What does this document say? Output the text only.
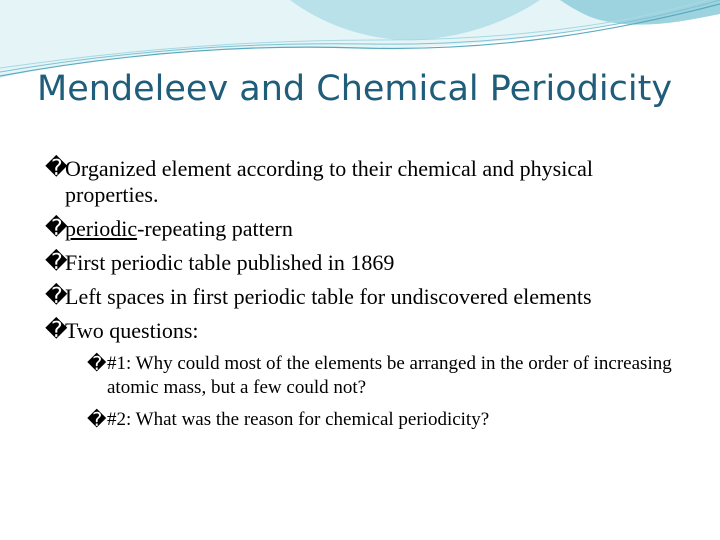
Mendeleev and Chemical Periodicity
�
Organized element according to their chemical and physical properties.
�
periodic-repeating pattern
�
First periodic table published in 1869
�
Left spaces in first periodic table for undiscovered elements
�
Two questions:
� #1: Why could most of the elements be arranged in the order of increasing atomic mass, but a few could not?
� #2: What was the reason for chemical periodicity?
